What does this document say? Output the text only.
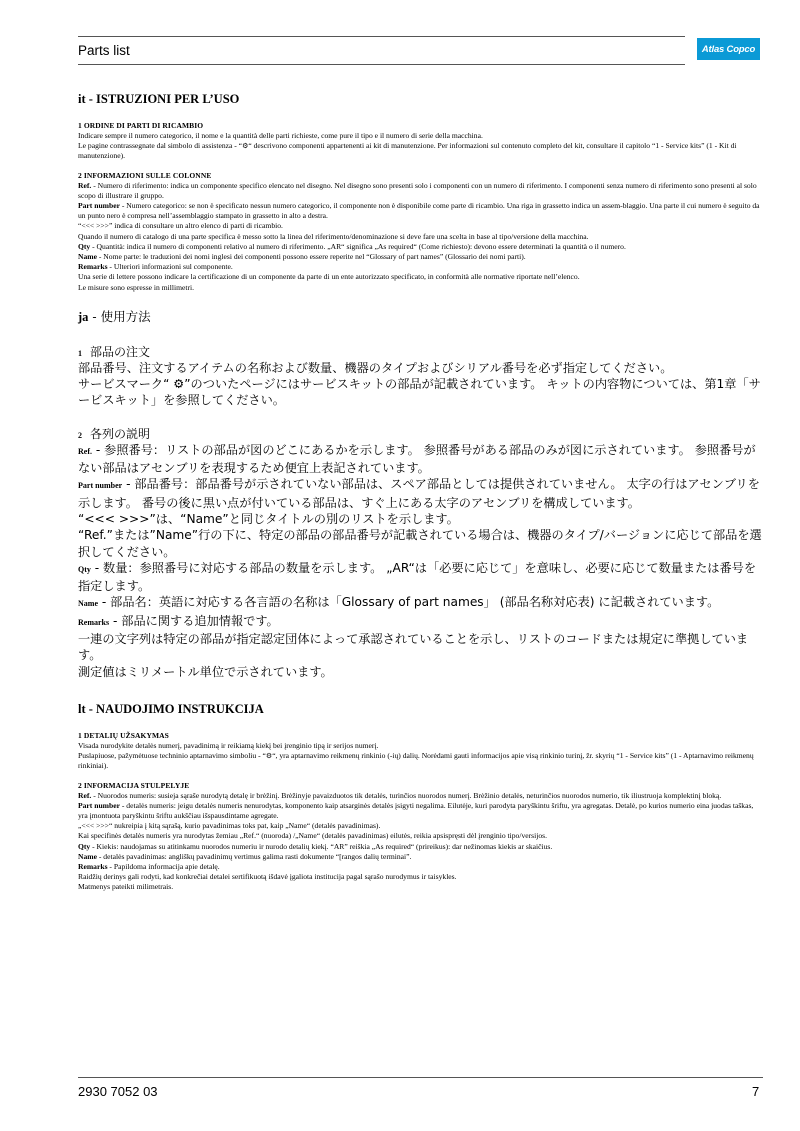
Parts list	Atlas Copco
it - ISTRUZIONI PER L’USO
1 ORDINE DI PARTI DI RICAMBIO

Indicare sempre il numero categorico, il nome e la quantità delle parti richieste, come pure il tipo e il numero di serie della macchina.

Le pagine contrassegnate dal simbolo di assistenza - “⚙“ descrivono componenti appartenenti ai kit di manutenzione. Per informazioni sul contenuto completo del kit, consultare il capitolo “1 - Service kits” (1 - Kit di manutenzione).

2 INFORMAZIONI SULLE COLONNE

Ref. - Numero di riferimento: indica un componente specifico elencato nel disegno. Nel disegno sono presenti solo i componenti con un numero di riferimento. I componenti senza numero di riferimento sono presenti al solo scopo di illustrare il gruppo.

Part number - Numero categorico: se non è specificato nessun numero categorico, il componente non è disponibile come parte di ricambio. Una riga in grassetto indica un assem-blaggio. Una parte il cui numero è seguito da un punto nero è compresa nell’assemblaggio stampato in grassetto in alto a destra.

“<<< >>>” indica di consultare un altro elenco di parti di ricambio.

Quando il numero di catalogo di una parte specifica è messo sotto la linea del riferimento/denominazione si deve fare una scelta in base al tipo/versione della macchina.

Qty - Quantità: indica il numero di componenti relativo al numero di riferimento. „AR“ significa „As required“ (Come richiesto): devono essere determinati la quantità o il numero.

Name - Nome parte: le traduzioni dei nomi inglesi dei componenti possono essere reperite nel “Glossary of part names” (Glossario dei nomi parti).

Remarks - Ulteriori informazioni sul componente.

Una serie di lettere possono indicare la certificazione di un componente da parte di un ente autorizzato specificato, in conformità alle normative riportate nell’elenco.

Le misure sono espresse in millimetri.

ja - 使用方法
1 部品の注文

部品番号、注文するアイテムの名称および数量、機器のタイプおよびシリアル番号を必ず指定してください。

サービスマーク“ ⚙”のついたページにはサービスキットの部品が記載されています。 キットの内容物については、第1章「サービスキット」を参照してください。

2 各列の説明

Ref. - 参照番号：リストの部品が図のどこにあるかを示します。 参照番号がある部品のみが図に示されています。 参照番号がない部品はアセンブリを表現するため便宜上表記されています。

Part number - 部品番号：部品番号が示されていない部品は、スペア部品としては提供されていません。 太字の行はアセンブリを示します。 番号の後に黒い点が付いている部品は、すぐ上にある太字のアセンブリを構成しています。

“<<< >>>”は、“Name”と同じタイトルの別のリストを示します。

“Ref.”または”Name”行の下に、特定の部品の部品番号が記載されている場合は、機器のタイプ/バージョンに応じて部品を選択してください。

Qty - 数量：参照番号に対応する部品の数量を示します。 „AR“は「必要に応じて」を意味し、必要に応じて数量または番号を指定します。

Name - 部品名：英語に対応する各言語の名称は「Glossary of part names」 (部品名称対応表) に記載されています。

Remarks - 部品に関する追加情報です。

一連の文字列は特定の部品が指定認定団体によって承認されていることを示し、リストのコードまたは規定に準拠しています。

測定値はミリメートル単位で示されています。

lt - NAUDOJIMO INSTRUKCIJA
1 DETALIŲ UŽSAKYMAS

Visada nurodykite detalės numerį, pavadinimą ir reikiamą kiekį bei įrenginio tipą ir serijos numerį.

Puslapiuose, pažymėtuose techninio aptarnavimo simboliu - “⚙“, yra aptarnavimo reikmenų rinkinio (-ių) dalių. Norėdami gauti informacijos apie visą rinkinio turinį, žr. skyrių “1 - Service kits” (1 - Aptarnavimo reikmenų rinkiniai).

2 INFORMACIJA STULPELYJE

Ref. - Nuorodos numeris: susieja sąraše nurodytą detalę ir brėžinį. Brėžinyje pavaizduotos tik detalės, turinčios nuorodos numerį. Brėžinio detalės, neturinčios nuorodos numerio, tik iliustruoja komplektinį bloką.

Part number - detalės numeris: jeigu detalės numeris nenurodytas, komponento kaip atsarginės detalės įsigyti negalima. Eilutėje, kuri parodyta paryškintu šriftu, yra agregatas. Detalė, po kurios numerio eina juodas taškas, yra įmontuota paryškintu šriftu aukščiau išspausdintame agregate.

„<<< >>>“ nukreipia į kitą sąrašą, kurio pavadinimas toks pat, kaip „Name“ (detalės pavadinimas).

Kai specifinės detalės numeris yra nurodytas žemiau „Ref.“ (nuoroda) /„Name“ (detalės pavadinimas) eilutės, reikia apsispręsti dėl įrenginio tipo/versijos.

Qty - Kiekis: naudojamas su atitinkamu nuorodos numeriu ir nurodo detalių kiekį. “AR” reiškia „As required“ (prireikus): dar nežinomas kiekis ar skaičius.

Name - detalės pavadinimas: angliškų pavadinimų vertimus galima rasti dokumente “[rangos dalių terminai”.

Remarks - Papildoma informacija apie detalę.

Raidžių derinys gali rodyti, kad konkrečiai detalei sertifikuotą išdavė įgaliota institucija pagal sąrašo nurodymus ir taisykles.

Matmenys pateikti milimetrais.

2930 7052 03	7
